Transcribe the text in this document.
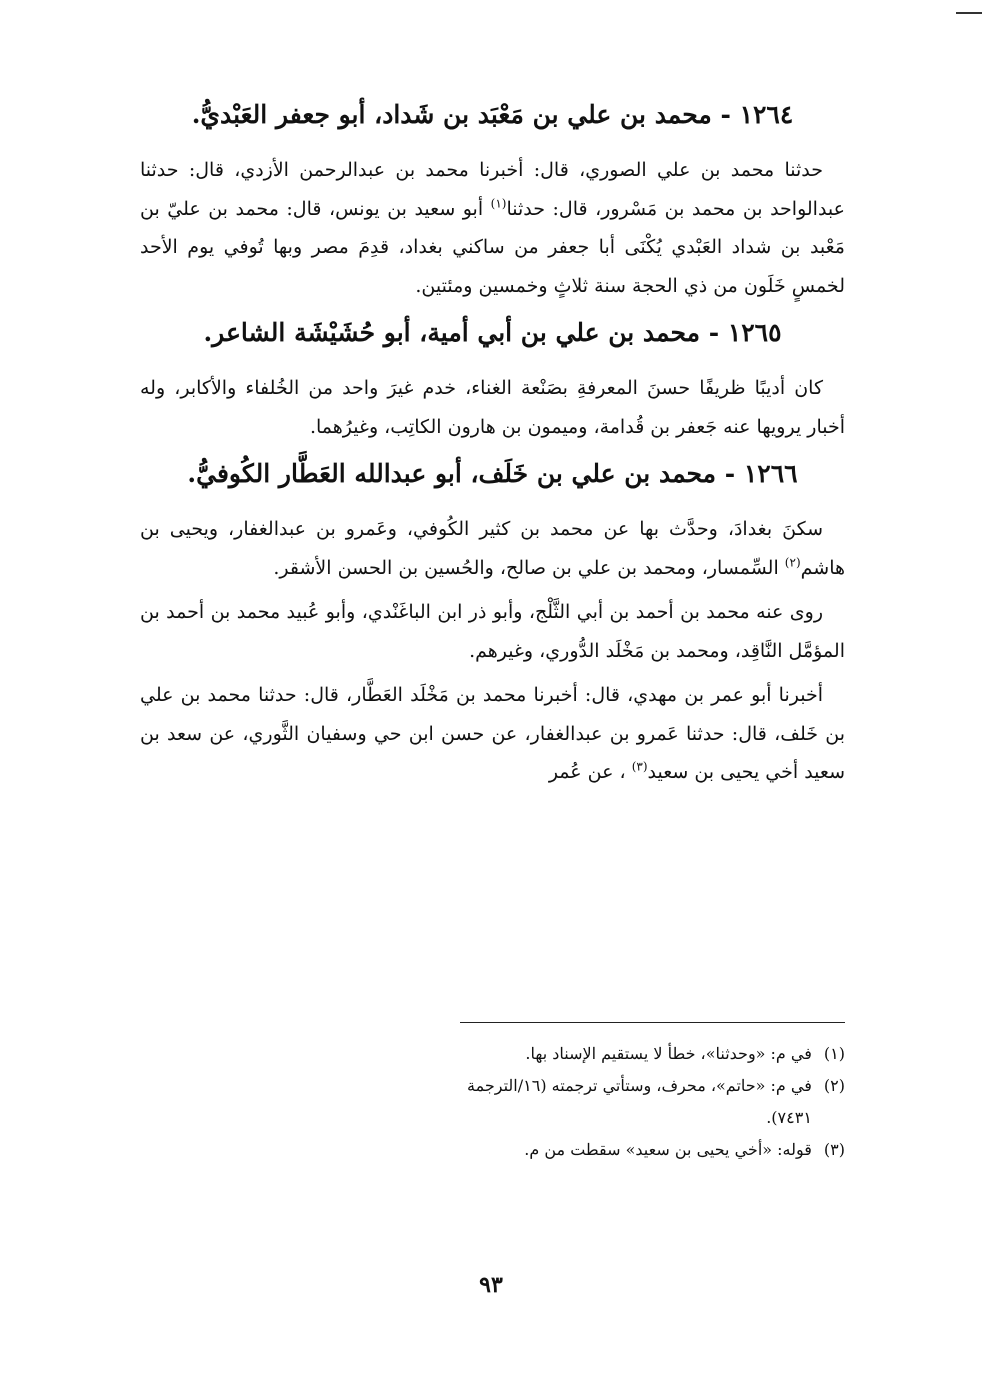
١٢٦٤ - محمد بن علي بن مَعْبَد بن شَداد، أبو جعفر العَبْديُّ.

حدثنا محمد بن علي الصوري، قال: أخبرنا محمد بن عبدالرحمن الأزدي، قال: حدثنا عبدالواحد بن محمد بن مَسْرور، قال: حدثنا$^{(١)}$ أبو سعيد بن يونس، قال: محمد بن عليّ بن مَعْبد بن شداد العَبْدي يُكْنَى أبا جعفر من ساكني بغداد، قدِمَ مصر وبها تُوفي يوم الأحد لخمسٍ خَلَون من ذي الحجة سنة ثلاثٍ وخمسين ومئتين.

١٢٦٥ - محمد بن علي بن أبي أمية، أبو حُشَيْشَة الشاعر.

كان أديبًا ظريفًا حسنَ المعرفةِ بصَنْعة الغناء، خدم غيرَ واحد من الخُلفاء والأكابر، وله أخبار يرويها عنه جَعفر بن قُدامة، وميمون بن هارون الكاتِب، وغيرُهما.

١٢٦٦ - محمد بن علي بن خَلَف، أبو عبدالله العَطَّار الكُوفيُّ.

سكنَ بغدادَ، وحدَّث بها عن محمد بن كثير الكُوفي، وعَمرو بن عبدالغفار، ويحيى بن هاشم$^{(٢)}$ السِّمسار، ومحمد بن علي بن صالح، والحُسين بن الحسن الأشقر.

روى عنه محمد بن أحمد بن أبي الثَّلْج، وأبو ذر ابن الباغَنْدي، وأبو عُبيد محمد بن أحمد بن المؤمَّل النَّاقِد، ومحمد بن مَخْلَد الدُّوري، وغيرهم.

أخبرنا أبو عمر بن مهدي، قال: أخبرنا محمد بن مَخْلَد العَطَّار، قال: حدثنا محمد بن علي بن خَلف، قال: حدثنا عَمرو بن عبدالغفار، عن حسن ابن حي وسفيان الثَّوري، عن سعد بن سعيد أخي يحيى بن سعيد$^{(٣)}$ ، عن عُمر

(١)
في م: «وحدثنا»، خطأ لا يستقيم الإسناد بها.
(٢)
في م: «حاتم»، محرف، وستأتي ترجمته (١٦/الترجمة ٧٤٣١).
(٣)
قوله: «أخي يحيى بن سعيد» سقطت من م.
٩٣
